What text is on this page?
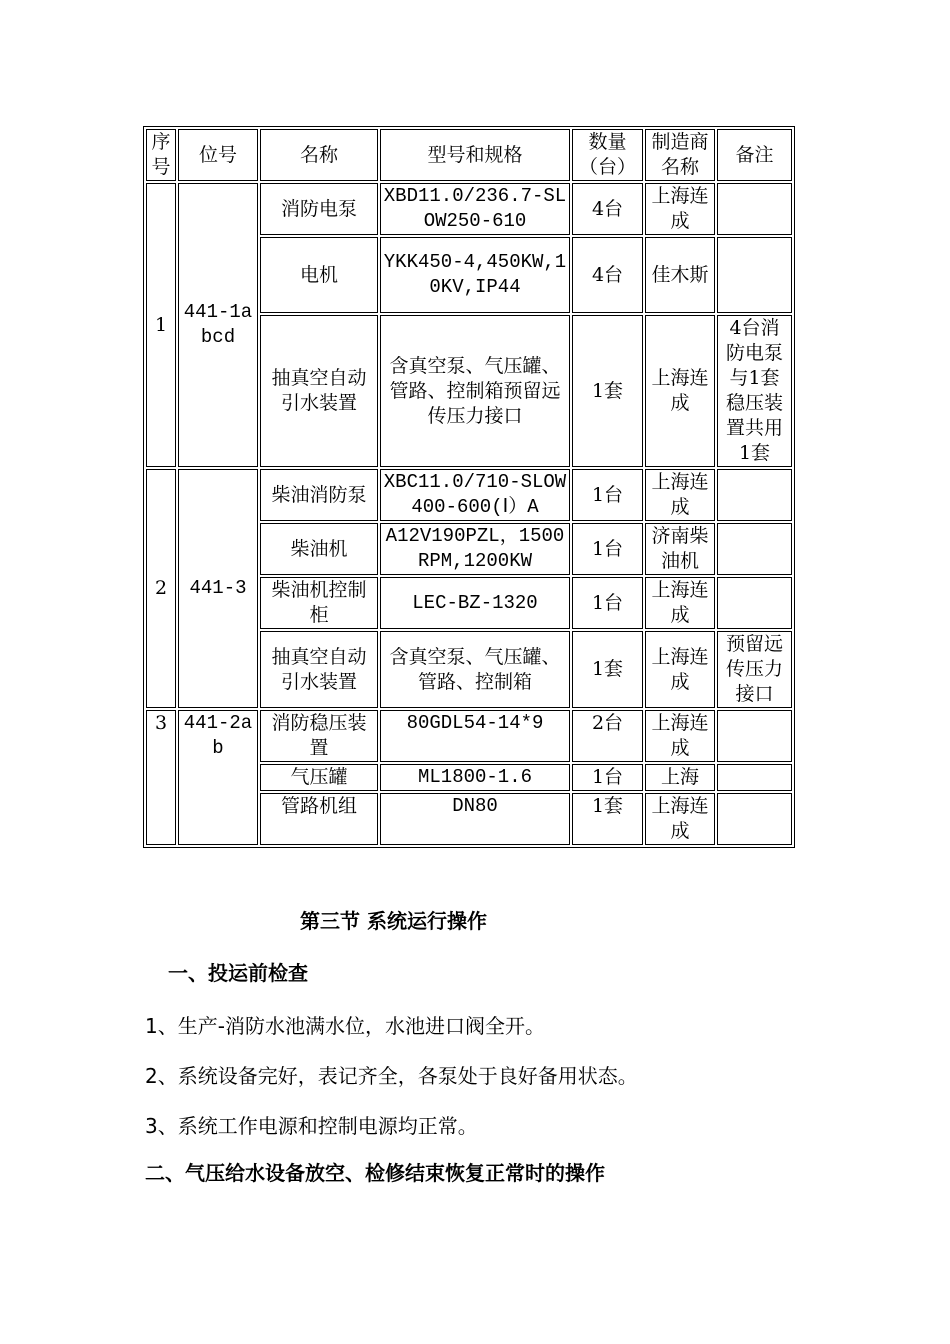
序号	位号	名称	型号和规格	数量（台）	制造商名称	备注
1	441-1abcd	消防电泵	XBD11.0/236.7-SLOW250-610	4台	上海连成	
		电机	YKK450-4,450KW,10KV,IP44	4台	佳木斯	
		抽真空自动引水装置	含真空泵、气压罐、管路、控制箱预留远传压力接口	1套	上海连成	4台消防电泵与1套稳压装置共用1套
2	441-3	柴油消防泵	XBC11.0/710-SLOW400-600(Ⅰ）A	1台	上海连成	
		柴油机	A12V190PZL，1500RPM,1200KW	1台	济南柴油机	
		柴油机控制柜	LEC-BZ-1320	1台	上海连成	
		抽真空自动引水装置	含真空泵、气压罐、管路、控制箱	1套	上海连成	预留远传压力接口
3	441-2ab	消防稳压装置	80GDL54-14*9	2台	上海连成	
		气压罐	ML1800-1.6	1台	上海	
		管路机组	DN80	1套	上海连成	
第三节 系统运行操作
一、投运前检查
1、生产-消防水池满水位，水池进口阀全开。
2、系统设备完好，表记齐全，各泵处于良好备用状态。
3、系统工作电源和控制电源均正常。
二、气压给水设备放空、检修结束恢复正常时的操作
